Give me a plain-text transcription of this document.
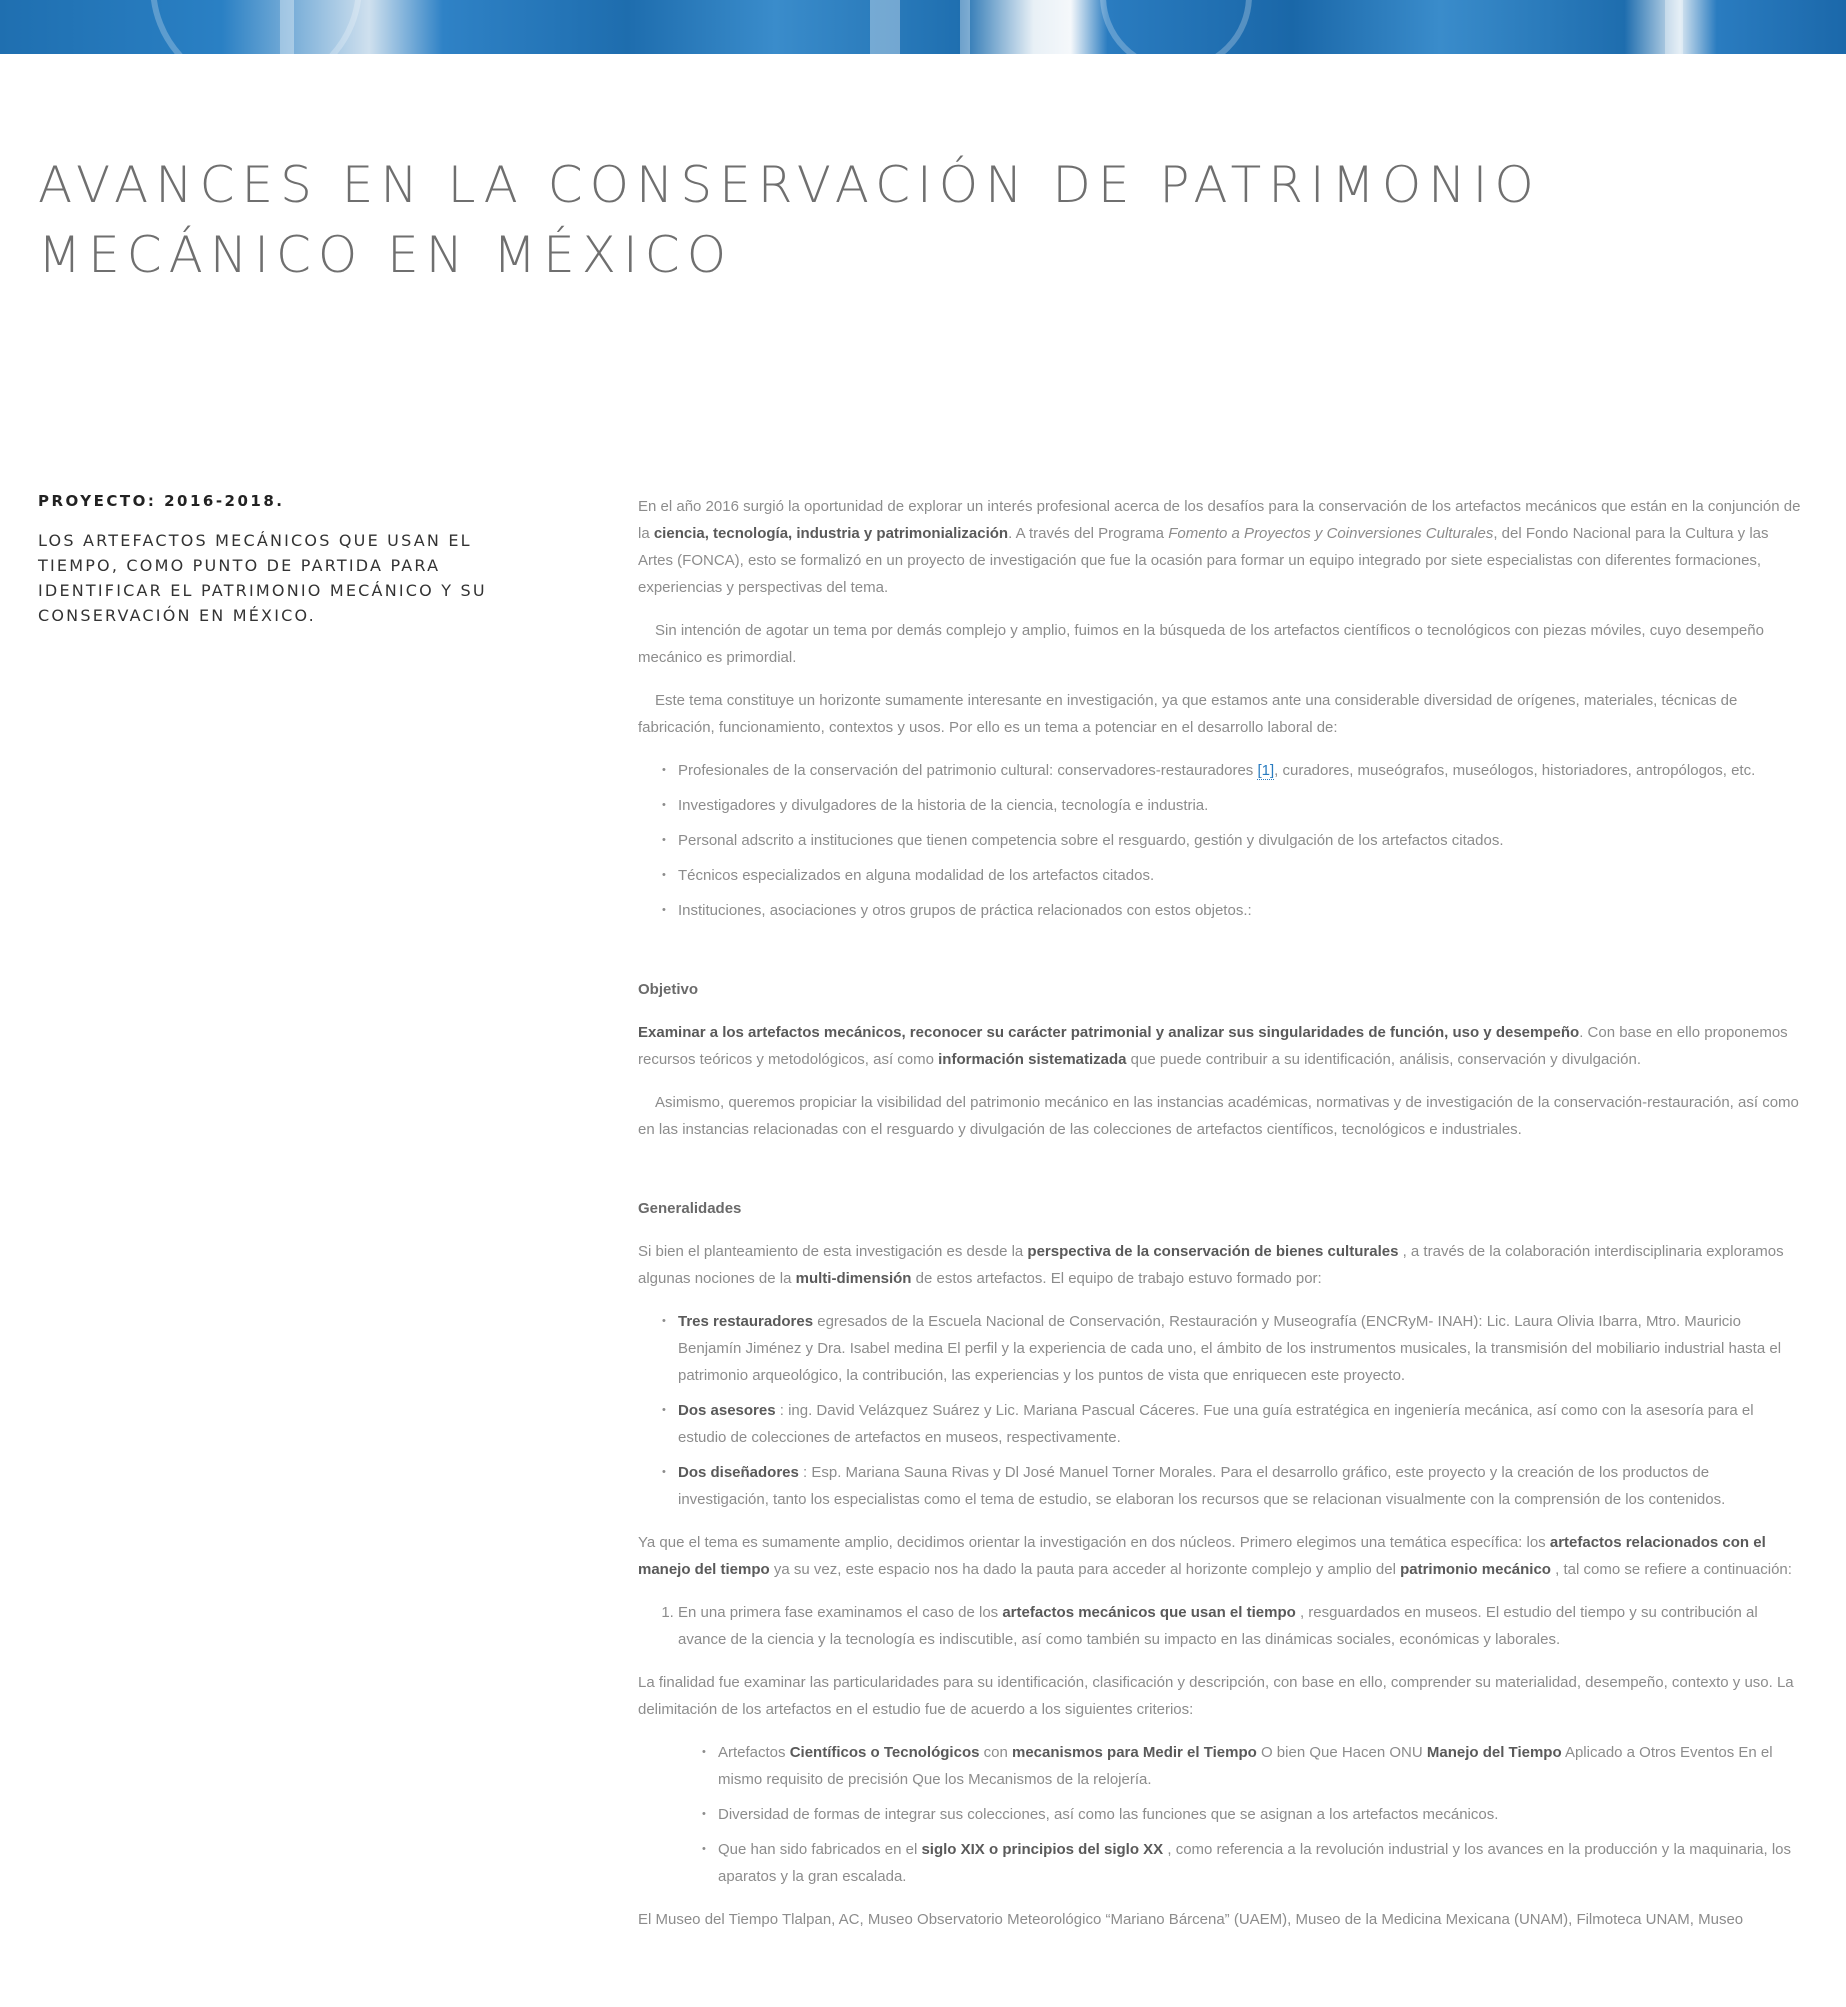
AVANCES EN LA CONSERVACIÓN DE PATRIMONIO MECÁNICO EN MÉXICO
PROYECTO: 2016-2018.

LOS ARTEFACTOS MECÁNICOS QUE USAN EL TIEMPO, COMO PUNTO DE PARTIDA PARA IDENTIFICAR EL PATRIMONIO MECÁNICO Y SU CONSERVACIÓN EN MÉXICO.

En el año 2016 surgió la oportunidad de explorar un interés profesional acerca de los desafíos para la conservación de los artefactos mecánicos que están en la conjunción de la ciencia, tecnología, industria y patrimonialización. A través del Programa Fomento a Proyectos y Coinversiones Culturales, del Fondo Nacional para la Cultura y las Artes (FONCA), esto se formalizó en un proyecto de investigación que fue la ocasión para formar un equipo integrado por siete especialistas con diferentes formaciones, experiencias y perspectivas del tema.

Sin intención de agotar un tema por demás complejo y amplio, fuimos en la búsqueda de los artefactos científicos o tecnológicos con piezas móviles, cuyo desempeño mecánico es primordial.

Este tema constituye un horizonte sumamente interesante en investigación, ya que estamos ante una considerable diversidad de orígenes, materiales, técnicas de fabricación, funcionamiento, contextos y usos. Por ello es un tema a potenciar en el desarrollo laboral de:

• Profesionales de la conservación del patrimonio cultural: conservadores-restauradores [1], curadores, museógrafos, museólogos, historiadores, antropólogos, etc.
• Investigadores y divulgadores de la historia de la ciencia, tecnología e industria.
• Personal adscrito a instituciones que tienen competencia sobre el resguardo, gestión y divulgación de los artefactos citados.
• Técnicos especializados en alguna modalidad de los artefactos citados.
• Instituciones, asociaciones y otros grupos de práctica relacionados con estos objetos.:
Objetivo

Examinar a los artefactos mecánicos, reconocer su carácter patrimonial y analizar sus singularidades de función, uso y desempeño. Con base en ello proponemos recursos teóricos y metodológicos, así como información sistematizada que puede contribuir a su identificación, análisis, conservación y divulgación.

Asimismo, queremos propiciar la visibilidad del patrimonio mecánico en las instancias académicas, normativas y de investigación de la conservación-restauración, así como en las instancias relacionadas con el resguardo y divulgación de las colecciones de artefactos científicos, tecnológicos e industriales.

Generalidades

Si bien el planteamiento de esta investigación es desde la perspectiva de la conservación de bienes culturales , a través de la colaboración interdisciplinaria exploramos algunas nociones de la multi-dimensión de estos artefactos. El equipo de trabajo estuvo formado por:

• Tres restauradores egresados de la Escuela Nacional de Conservación, Restauración y Museografía (ENCRyM- INAH): Lic. Laura Olivia Ibarra, Mtro. Mauricio Benjamín Jiménez y Dra. Isabel medina El perfil y la experiencia de cada uno, el ámbito de los instrumentos musicales, la transmisión del mobiliario industrial hasta el patrimonio arqueológico, la contribución, las experiencias y los puntos de vista que enriquecen este proyecto.
• Dos asesores : ing. David Velázquez Suárez y Lic. Mariana Pascual Cáceres. Fue una guía estratégica en ingeniería mecánica, así como con la asesoría para el estudio de colecciones de artefactos en museos, respectivamente.
• Dos diseñadores : Esp. Mariana Sauna Rivas y Dl José Manuel Torner Morales. Para el desarrollo gráfico, este proyecto y la creación de los productos de investigación, tanto los especialistas como el tema de estudio, se elaboran los recursos que se relacionan visualmente con la comprensión de los contenidos.

Ya que el tema es sumamente amplio, decidimos orientar la investigación en dos núcleos. Primero elegimos una temática específica: los artefactos relacionados con el manejo del tiempo ya su vez, este espacio nos ha dado la pauta para acceder al horizonte complejo y amplio del patrimonio mecánico , tal como se refiere a continuación:

1. En una primera fase examinamos el caso de los artefactos mecánicos que usan el tiempo , resguardados en museos. El estudio del tiempo y su contribución al avance de la ciencia y la tecnología es indiscutible, así como también su impacto en las dinámicas sociales, económicas y laborales.

La finalidad fue examinar las particularidades para su identificación, clasificación y descripción, con base en ello, comprender su materialidad, desempeño, contexto y uso. La delimitación de los artefactos en el estudio fue de acuerdo a los siguientes criterios:

• Artefactos Científicos o Tecnológicos con mecanismos para Medir el Tiempo O bien Que Hacen ONU Manejo del Tiempo Aplicado a Otros Eventos En el mismo requisito de precisión Que los Mecanismos de la relojería.
• Diversidad de formas de integrar sus colecciones, así como las funciones que se asignan a los artefactos mecánicos.
• Que han sido fabricados en el siglo XIX o principios del siglo XX , como referencia a la revolución industrial y los avances en la producción y la maquinaria, los aparatos y la gran escalada.

El Museo del Tiempo Tlalpan, AC, Museo Observatorio Meteorológico “Mariano Bárcena” (UAEM), Museo de la Medicina Mexicana (UNAM), Filmoteca UNAM, Museo
